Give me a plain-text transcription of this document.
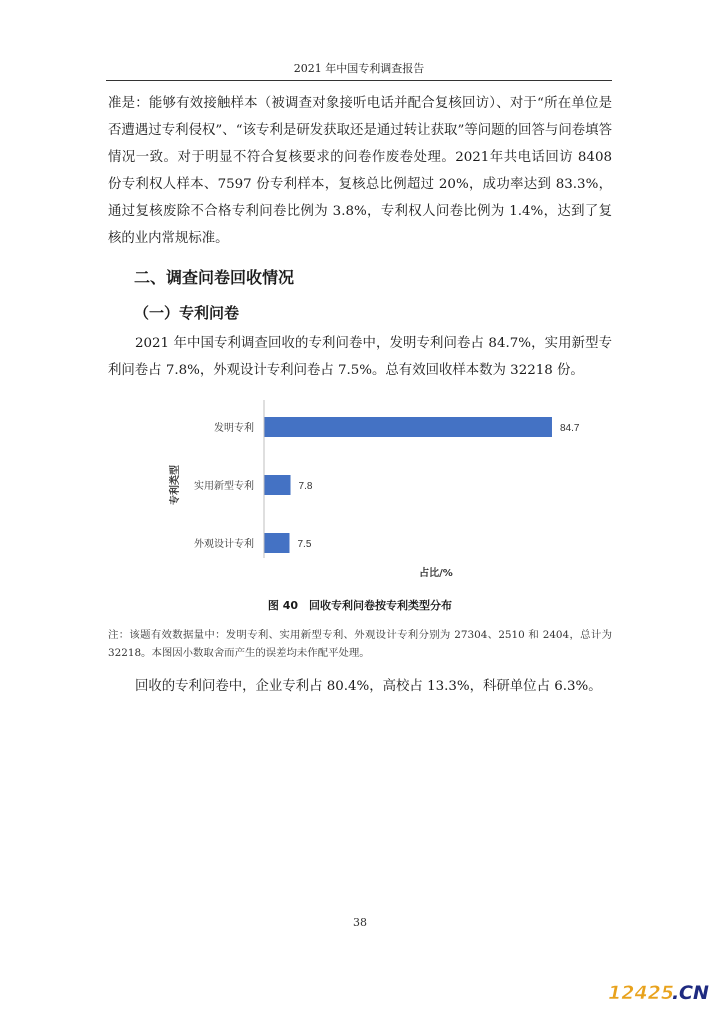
2021 年中国专利调查报告

准是：能够有效接触样本（被调查对象接听电话并配合复核回访）、对于“所在单位是否遭遇过专利侵权”、“该专利是研发获取还是通过转让获取”等问题的回答与问卷填答情况一致。对于明显不符合复核要求的问卷作废卷处理。2021年共电话回访 8408 份专利权人样本、7597 份专利样本，复核总比例超过 20%，成功率达到 83.3%，通过复核废除不合格专利问卷比例为 3.8%，专利权人问卷比例为 1.4%，达到了复核的业内常规标准。

二、调查问卷回收情况
（一）专利问卷

2021 年中国专利调查回收的专利问卷中，发明专利问卷占 84.7%，实用新型专利问卷占 7.8%，外观设计专利问卷占 7.5%。总有效回收样本数为 32218 份。

发明专利	84.7
实用新型专利	7.8
外观设计专利	7.5
专利类型
占比/%

图 40　回收专利问卷按专利类型分布

注：该题有效数据量中：发明专利、实用新型专利、外观设计专利分别为 27304、2510 和 2404，总计为 32218。本图因小数取舍而产生的误差均未作配平处理。

回收的专利问卷中，企业专利占 80.4%，高校占 13.3%，科研单位占 6.3%。

38
12425
. CN
